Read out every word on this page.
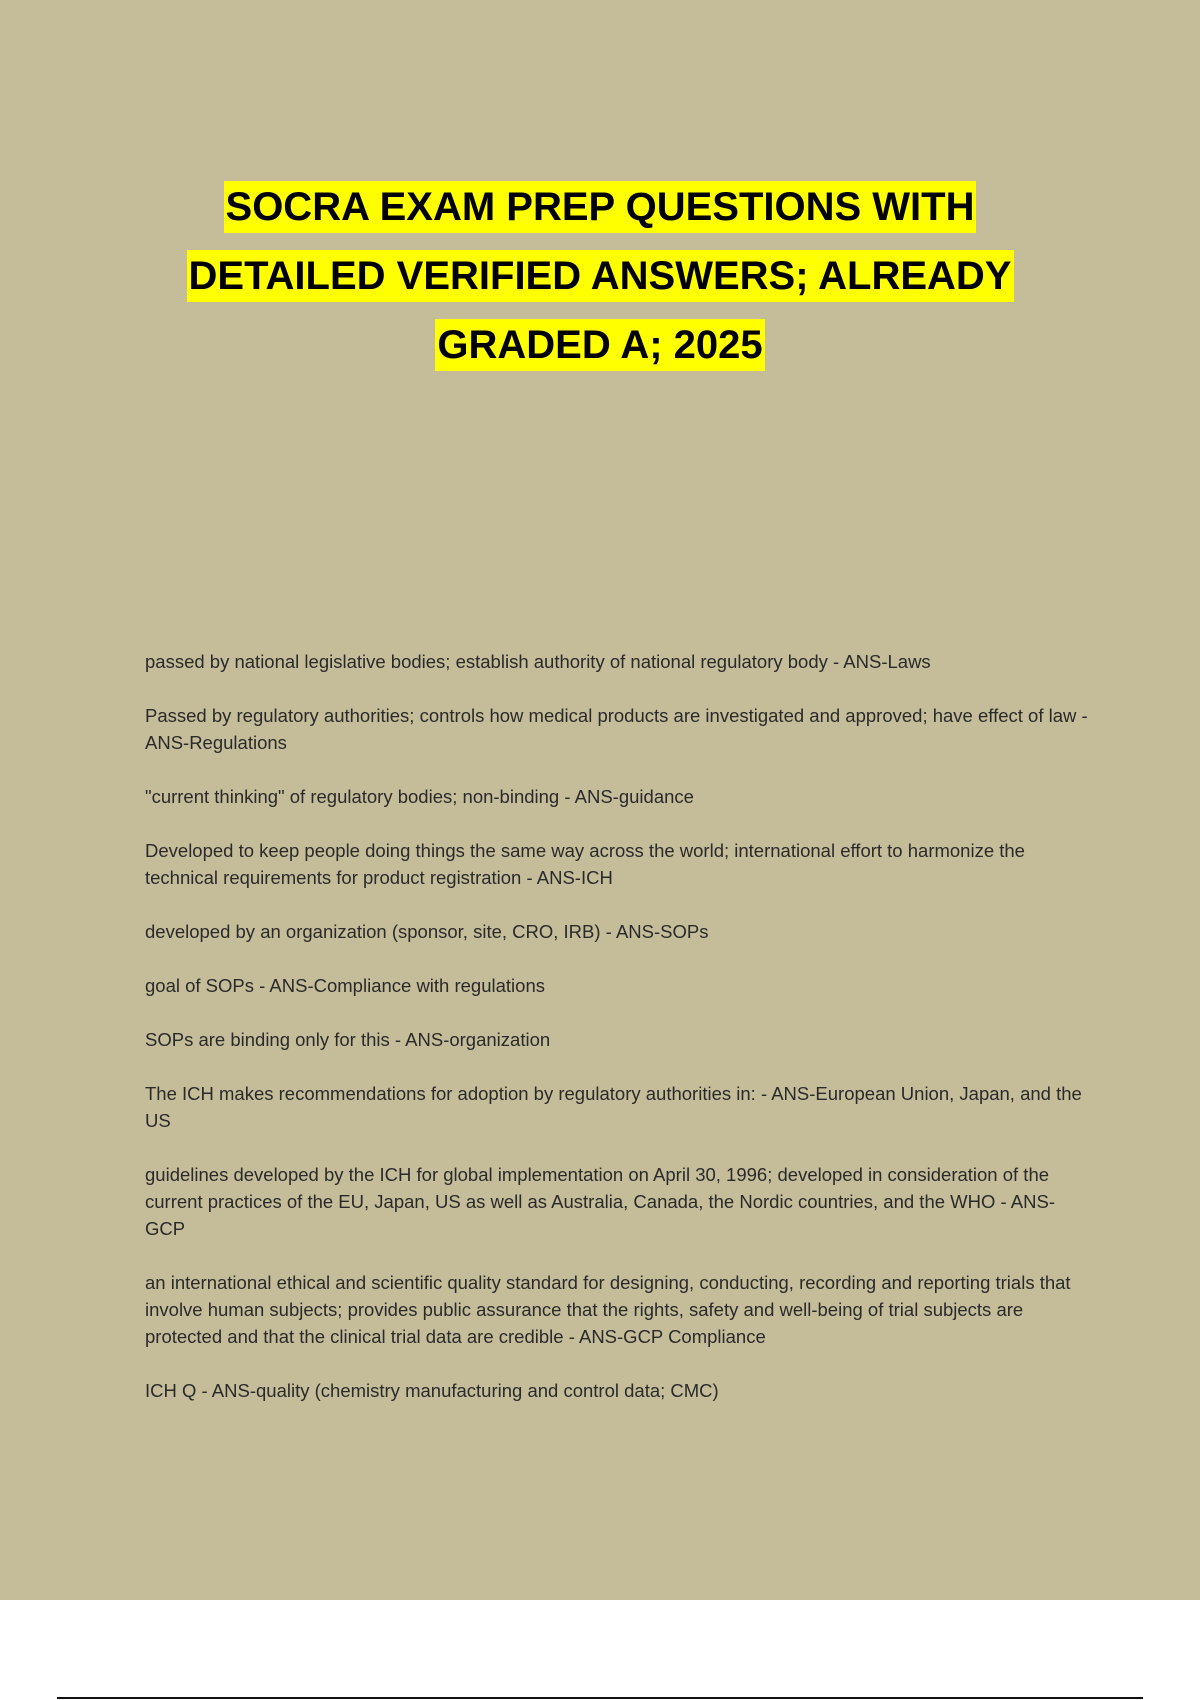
SOCRA EXAM PREP QUESTIONS WITH
DETAILED VERIFIED ANSWERS; ALREADY
GRADED A; 2025

passed by national legislative bodies; establish authority of national regulatory body - ANS-Laws

Passed by regulatory authorities; controls how medical products are investigated and approved; have effect of law - ANS-Regulations

"current thinking" of regulatory bodies; non-binding - ANS-guidance

Developed to keep people doing things the same way across the world; international effort to harmonize the technical requirements for product registration - ANS-ICH

developed by an organization (sponsor, site, CRO, IRB) - ANS-SOPs

goal of SOPs - ANS-Compliance with regulations

SOPs are binding only for this - ANS-organization

The ICH makes recommendations for adoption by regulatory authorities in: - ANS-European Union, Japan, and the US

guidelines developed by the ICH for global implementation on April 30, 1996; developed in consideration of the current practices of the EU, Japan, US as well as Australia, Canada, the Nordic countries, and the WHO - ANS-GCP

an international ethical and scientific quality standard for designing, conducting, recording and reporting trials that involve human subjects; provides public assurance that the rights, safety and well-being of trial subjects are protected and that the clinical trial data are credible - ANS-GCP Compliance

ICH Q - ANS-quality (chemistry manufacturing and control data; CMC)
